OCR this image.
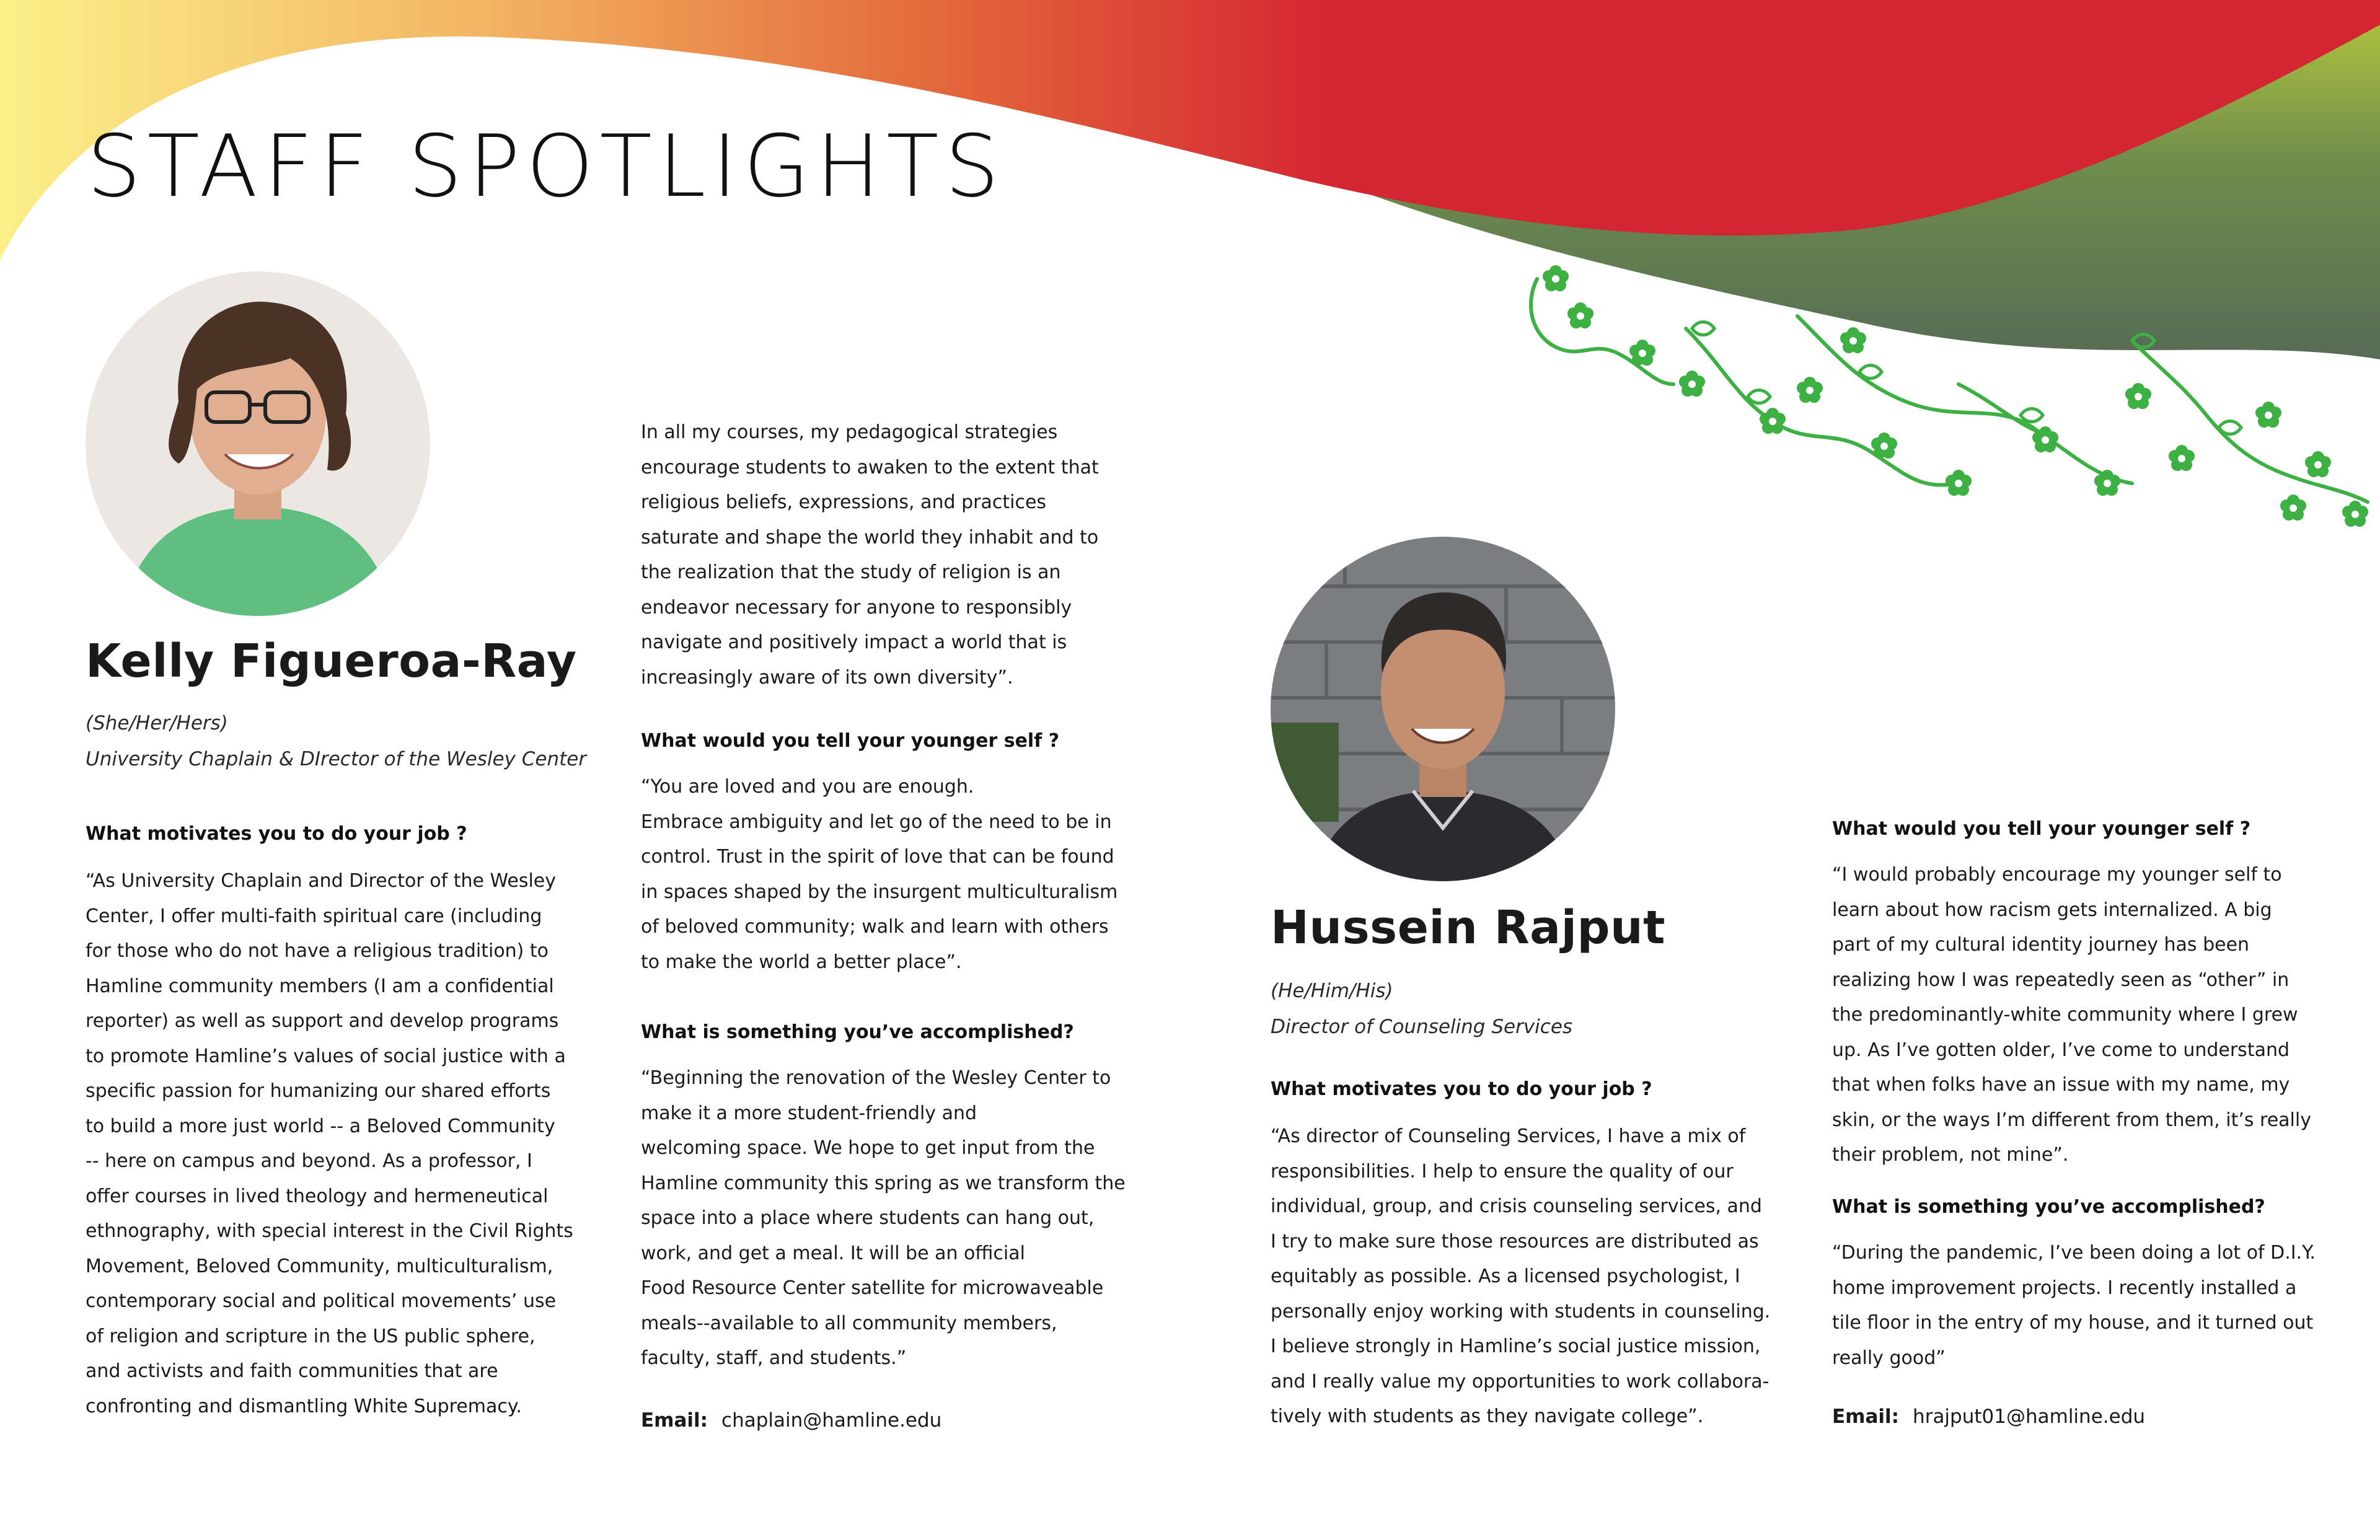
STAFF SPOTLIGHTS
Kelly Figueroa-Ray
(She/Her/Hers)
University Chaplain & DIrector of the Wesley Center
What motivates you to do your job ?
“As University Chaplain and Director of the Wesley
Center, I offer multi-faith spiritual care (including
for those who do not have a religious tradition) to
Hamline community members (I am a confidential
reporter) as well as support and develop programs
to promote Hamline’s values of social justice with a
specific passion for humanizing our shared efforts
to build a more just world -- a Beloved Community
-- here on campus and beyond. As a professor, I
offer courses in lived theology and hermeneutical
ethnography, with special interest in the Civil Rights
Movement, Beloved Community, multiculturalism,
contemporary social and political movements’ use
of religion and scripture in the US public sphere,
and activists and faith communities that are
confronting and dismantling White Supremacy.
In all my courses, my pedagogical strategies
encourage students to awaken to the extent that
religious beliefs, expressions, and practices
saturate and shape the world they inhabit and to
the realization that the study of religion is an
endeavor necessary for anyone to responsibly
navigate and positively impact a world that is
increasingly aware of its own diversity”.
What would you tell your younger self ?
“You are loved and you are enough.
Embrace ambiguity and let go of the need to be in
control. Trust in the spirit of love that can be found
in spaces shaped by the insurgent multiculturalism
of beloved community; walk and learn with others
to make the world a better place”.
What is something you’ve accomplished?
“Beginning the renovation of the Wesley Center to
make it a more student-friendly and
welcoming space. We hope to get input from the
Hamline community this spring as we transform the
space into a place where students can hang out,
work, and get a meal. It will be an official
Food Resource Center satellite for microwaveable
meals--available to all community members,
faculty, staff, and students.”
Email: chaplain@hamline.edu
Hussein Rajput
(He/Him/His)
Director of Counseling Services
What motivates you to do your job ?
“As director of Counseling Services, I have a mix of
responsibilities. I help to ensure the quality of our
individual, group, and crisis counseling services, and
I try to make sure those resources are distributed as
equitably as possible. As a licensed psychologist, I
personally enjoy working with students in counseling.
I believe strongly in Hamline’s social justice mission,
and I really value my opportunities to work collabora-
tively with students as they navigate college”.
What would you tell your younger self ?
“I would probably encourage my younger self to
learn about how racism gets internalized. A big
part of my cultural identity journey has been
realizing how I was repeatedly seen as “other” in
the predominantly-white community where I grew
up. As I’ve gotten older, I’ve come to understand
that when folks have an issue with my name, my
skin, or the ways I’m different from them, it’s really
their problem, not mine”.
What is something you’ve accomplished?
“During the pandemic, I’ve been doing a lot of D.I.Y.
home improvement projects. I recently installed a
tile floor in the entry of my house, and it turned out
really good”
Email: hrajput01@hamline.edu
